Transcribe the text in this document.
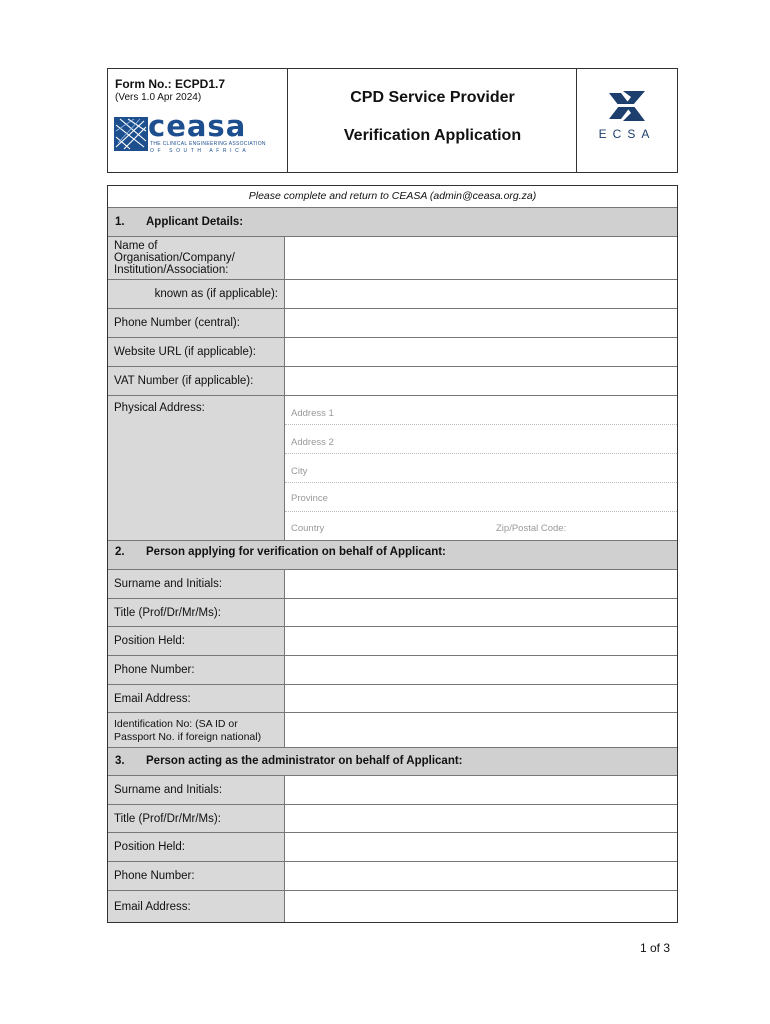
Form No.: ECPD1.7
(Vers 1.0 Apr 2024)
ceasa
THE CLINICAL ENGINEERING ASSOCIATION
OF SOUTH AFRICA
CPD Service Provider
Verification Application	ECSA
Please complete and return to CEASA (admin@ceasa.org.za)
1. Applicant Details:
Name of Organisation/Company/ Institution/Association:
known as (if applicable):
Phone Number (central):
Website URL (if applicable):
VAT Number (if applicable):
Physical Address:	Address 1
Address 2
City
Province
Country	Zip/Postal Code:
2. Person applying for verification on behalf of Applicant:
Surname and Initials:
Title (Prof/Dr/Mr/Ms):
Position Held:
Phone Number:
Email Address:
Identification No: (SA ID or
Passport No. if foreign national)
3. Person acting as the administrator on behalf of Applicant:
Surname and Initials:
Title (Prof/Dr/Mr/Ms):
Position Held:
Phone Number:
Email Address:
1 of 3
